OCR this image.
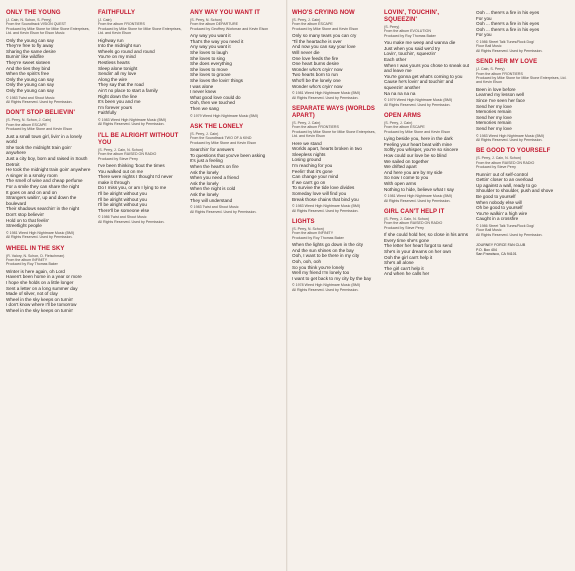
ONLY THE YOUNG
(J. Cain, N. Schon, S. Perry)
From the Soundtrack VISION QUEST
Produced by Mike Stone for Mike Stone Enterprises, Ltd. and Kevin Elson for Elson Music
Only the young can say
They're free to fly away
Sharing the same desire
Burnin' like wildfire
They're sweet sixteen
And the ties they bind
When the spirit's free
Only the young can say
Only the young can say
Only the young can say
© 1983 Twist and Shout Music
All Rights Reserved. Used by Permission.
DON'T STOP BELIEVIN'
(S. Perry, N. Schon, J. Cain)
From the album ESCAPE
Produced by Mike Stone and Kevin Elson
Just a small town girl, livin' in a lonely world
She took the midnight train goin' anywhere
Just a city boy, born and raised in South Detroit
He took the midnight train goin' anywhere
A singer in a smoky room
The smell of wine and cheap perfume
For a smile they can share the night
It goes on and on and on
Strangers waitin', up and down the boulevard
Their shadows searchin' in the night
Don't stop believin'
Hold on to that feelin'
Streetlight people
© 1981 Weed High Nightmare Music (BMI)
All Rights Reserved. Used by Permission.
WHEEL IN THE SKY
(R. Valory, N. Schon, D. Fleischman)
From the album INFINITY
Produced by Roy Thomas Baker
Winter is here again, oh Lord
Haven't been home in a year or more
I hope she holds on a little longer
Sent a letter on a long summer day
Made of silver, not of clay
Wheel in the sky keeps on turnin'
I don't know where I'll be tomorrow
Wheel in the sky keeps on turnin'
FAITHFULLY
(J. Cain)
From the album FRONTIERS
Produced by Mike Stone for Mike Stone Enterprises, Ltd. and Kevin Elson
Highway run
Into the midnight sun
Wheels go round and round
You're on my mind
Restless hearts
Sleep alone tonight
Sendin' all my love
Along the wire
They say that the road
Ain't no place to start a family
Right down the line
It's been you and me
I'm forever yours
Faithfully
© 1983 Weed High Nightmare Music (BMI)
All Rights Reserved. Used by Permission.
I'LL BE ALRIGHT WITHOUT YOU
(S. Perry, J. Cain, N. Schon)
From the album RAISED ON RADIO
Produced by Steve Perry
I've been thinking 'bout the times
You walked out on me
There were nights I thought I'd never make it through
Do I miss you, or am I lying to me
I'll be alright without you
I'll be alright without you
I'll be alright without you
There'll be someone else
© 1986 Twist and Shout Music
All Rights Reserved. Used by Permission.
ANY WAY YOU WANT IT
(S. Perry, N. Schon)
From the album DEPARTURE
Produced by Geoffrey Workman and Kevin Elson
Any way you want it
That's the way you need it
Any way you want it
She loves to laugh
She loves to sing
She does everything
She loves to move
She loves to groove
She loves the lovin' things
I was alone
I never knew
What good love could do
Ooh, then we touched
Then we sang
© 1979 Weed High Nightmare Music (BMI)
ASK THE LONELY
(S. Perry, J. Cain)
From the Soundtrack TWO OF A KIND
Produced by Mike Stone and Kevin Elson
Searchin' for answers
To questions that you've been asking
It's just a feeling
When the heart's on fire
Ask the lonely
When you need a friend
Ask the lonely
When the night is cold
Ask the lonely
They will understand
© 1983 Twist and Shout Music
All Rights Reserved. Used by Permission.
WHO'S CRYING NOW
(S. Perry, J. Cain)
From the album ESCAPE
Produced by Mike Stone and Kevin Elson
Only so many tears you can cry
'Til the heartache is over
And now you can say your love
Will never die
One love feeds the fire
One heart burns desire
Wonder who's cryin' now
Two hearts born to run
Who'll be the lonely one
Wonder who's cryin' now
© 1981 Weed High Nightmare Music (BMI)
All Rights Reserved. Used by Permission.
SEPARATE WAYS (WORLDS APART)
(S. Perry, J. Cain)
From the album FRONTIERS
Produced by Mike Stone for Mike Stone Enterprises, Ltd. and Kevin Elson
Here we stand
Worlds apart, hearts broken in two
Sleepless nights
Losing ground
I'm reaching for you
Feelin' that it's gone
Can change your mind
If we can't go on
To survive the tide love divides
Someday love will find you
Break those chains that bind you
© 1983 Weed High Nightmare Music (BMI)
All Rights Reserved. Used by Permission.
LIGHTS
(S. Perry, N. Schon)
From the album INFINITY
Produced by Roy Thomas Baker
When the lights go down in the city
And the sun shines on the bay
Ooh, I want to be there in my city
Ooh, ooh, ooh
So you think you're lonely
Well my friend I'm lonely too
I want to get back to my city by the bay
© 1978 Weed High Nightmare Music (BMI)
All Rights Reserved. Used by Permission.
LOVIN', TOUCHIN', SQUEEZIN'
(S. Perry)
From the album EVOLUTION
Produced by Roy Thomas Baker
You make me weep and wanna die
Just when you said we'd try
Lovin', touchin', squeezin'
Each other
When I was yours you chose to sneak out and leave me
You're gonna get what's coming to you
Cause he's lovin' and touchin' and squeezin' another
Na na na na na
© 1979 Weed High Nightmare Music (BMI)
All Rights Reserved. Used by Permission.
OPEN ARMS
(S. Perry, J. Cain)
From the album ESCAPE
Produced by Mike Stone and Kevin Elson
Lying beside you, here in the dark
Feeling your heart beat with mine
Softly you whisper, you're so sincere
How could our love be so blind
We sailed on together
We drifted apart
And here you are by my side
So now I come to you
With open arms
Nothing to hide, believe what I say
© 1981 Weed High Nightmare Music (BMI)
All Rights Reserved. Used by Permission.
GIRL CAN'T HELP IT
(S. Perry, J. Cain, N. Schon)
From the album RAISED ON RADIO
Produced by Steve Perry
If she could hold her, so close in his arms
Every time she's gone
The letter her heart forgot to send
She's in your dreams on her own
Ooh the girl can't help it
She's all alone
The girl can't help it
And when he calls her
Ooh ... there's a fire in his eyes
For you
Ooh ... there's a fire in his eyes
Ooh ... there's a fire in his eyes
For you
© 1986 Street Talk Tunes/Rock Dog/
Floor Ball Music
All Rights Reserved. Used by Permission.
SEND HER MY LOVE
(J. Cain, S. Perry)
From the album FRONTIERS
Produced by Mike Stone for Mike Stone Enterprises, Ltd. and Kevin Elson
Been in love before
Learned my lesson well
Since I've seen her face
Send her my love
Memories remain
Send her my love
Memories remain
Send her my love
© 1983 Weed High Nightmare Music (BMI)
All Rights Reserved. Used by Permission.
BE GOOD TO YOURSELF
(S. Perry, J. Cain, N. Schon)
From the album RAISED ON RADIO
Produced by Steve Perry
Runnin' out of self-control
Gettin' closer to an overload
Up against a wall, ready to go
Shoulder to shoulder, push and shove
Be good to yourself
When nobody else will
Oh be good to yourself
You're walkin' a high wire
Caught in a crossfire
© 1986 Street Talk Tunes/Rock Dog/
Floor Ball Music
All Rights Reserved. Used by Permission.
JOURNEY FORCE FAN CLUB
P.O. Box 404
San Francisco, CA 94101
